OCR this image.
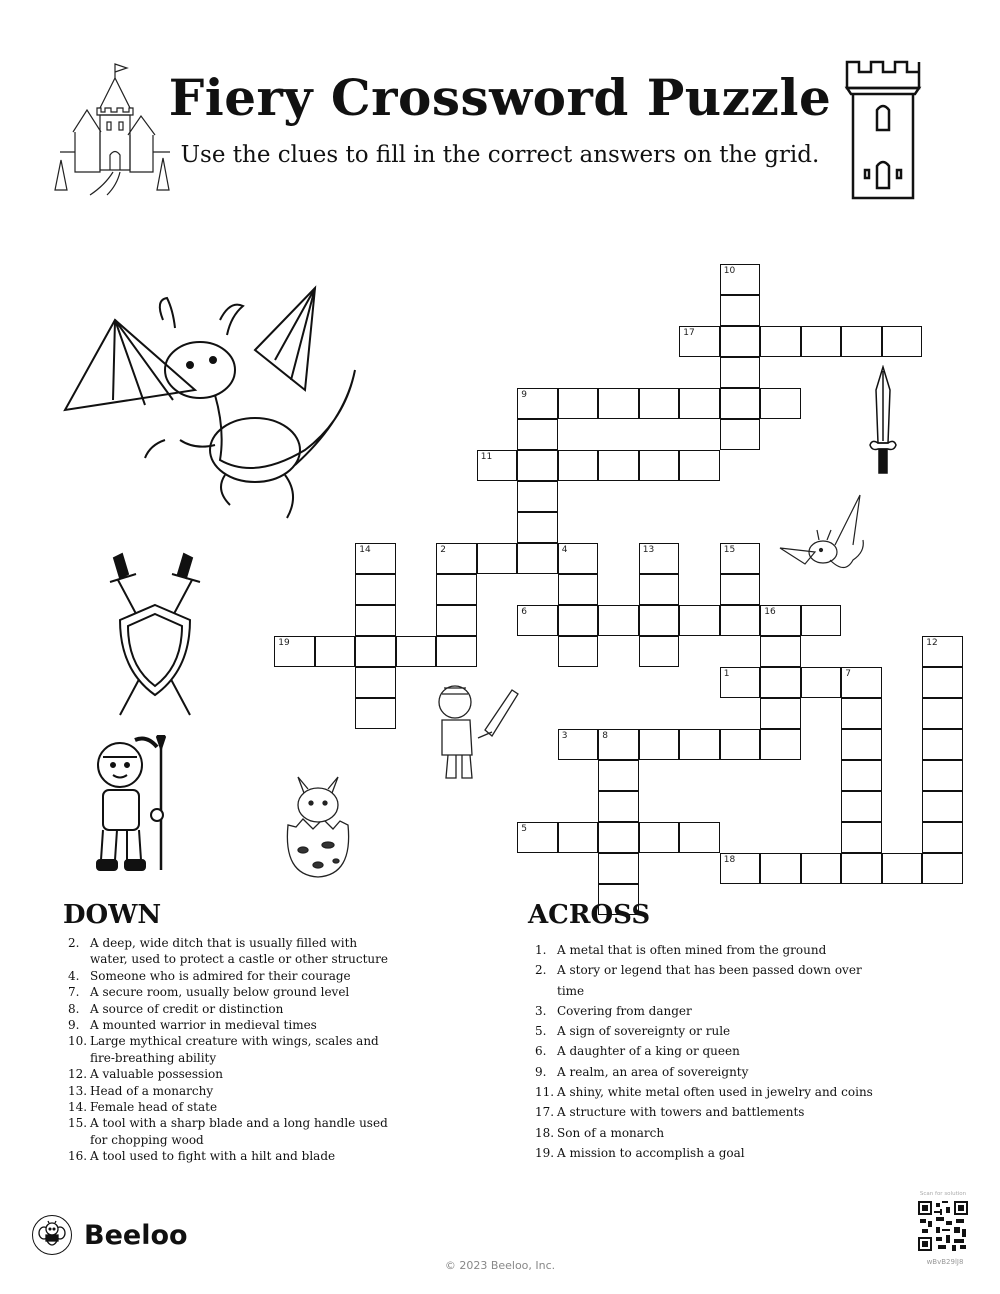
Fiery Crossword Puzzle
Use the clues to fill in the correct answers on the grid.
1	7
2	4
3	8
5
6	16
9
11
17
18
19
10
12
13
14	15
DOWN
2. A deep, wide ditch that is usually filled with water, used to protect a castle or other structure
4. Someone who is admired for their courage
7. A secure room, usually below ground level
8. A source of credit or distinction
9. A mounted warrior in medieval times
10. Large mythical creature with wings, scales and fire-breathing ability
12. A valuable possession
13. Head of a monarchy
14. Female head of state
15. A tool with a sharp blade and a long handle used for chopping wood
16. A tool used to fight with a hilt and blade
ACROSS
1. A metal that is often mined from the ground
2. A story or legend that has been passed down over time
3. Covering from danger
5. A sign of sovereignty or rule
6. A daughter of a king or queen
9. A realm, an area of sovereignty
11. A shiny, white metal often used in jewelry and coins
17. A structure with towers and battlements
18. Son of a monarch
19. A mission to accomplish a goal
Beeloo
© 2023 Beeloo, Inc.
Scan for solution
wBvB29lJ8
